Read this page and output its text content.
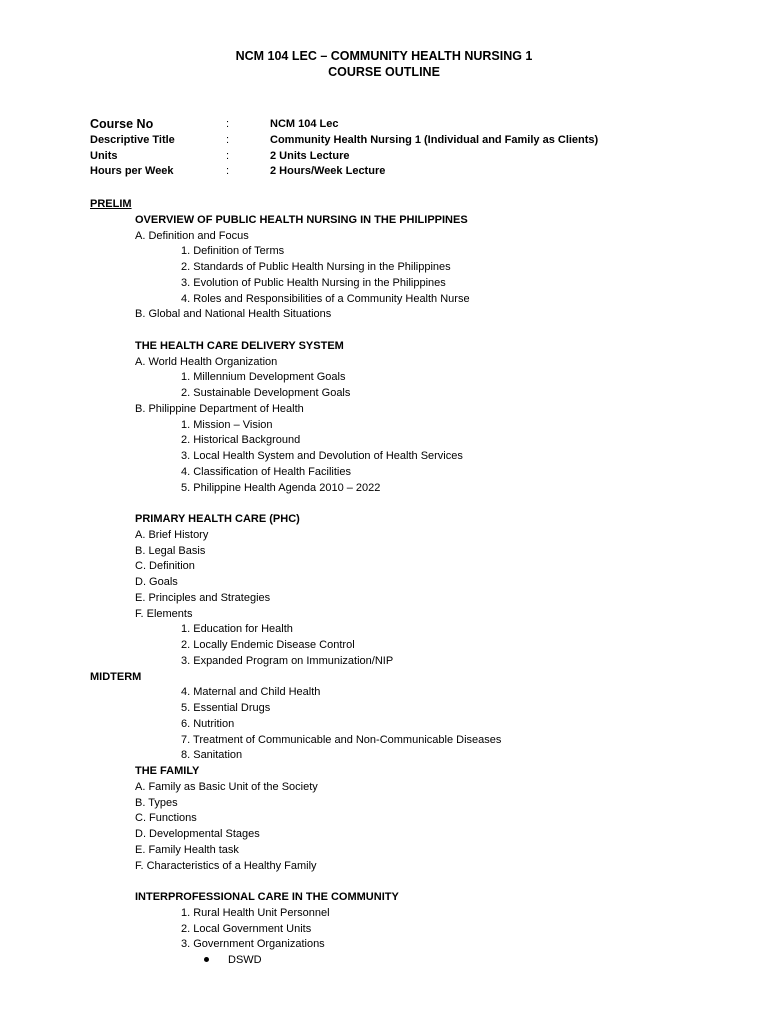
NCM 104 LEC – COMMUNITY HEALTH NURSING 1
COURSE OUTLINE
Course No	:	NCM 104 Lec
Descriptive Title	:	Community Health Nursing 1 (Individual and Family as Clients)
Units	:	2 Units Lecture
Hours per Week	:	2 Hours/Week Lecture
PRELIM
OVERVIEW OF PUBLIC HEALTH NURSING IN THE PHILIPPINES
A. Definition and Focus
1. Definition of Terms
2. Standards of Public Health Nursing in the Philippines
3. Evolution of Public Health Nursing in the Philippines
4. Roles and Responsibilities of a Community Health Nurse
B. Global and National Health Situations
THE HEALTH CARE DELIVERY SYSTEM
A. World Health Organization
1. Millennium Development Goals
2. Sustainable Development Goals
B. Philippine Department of Health
1. Mission – Vision
2. Historical Background
3. Local Health System and Devolution of Health Services
4. Classification of Health Facilities
5. Philippine Health Agenda 2010 – 2022
PRIMARY HEALTH CARE (PHC)
A. Brief History
B. Legal Basis
C. Definition
D. Goals
E. Principles and Strategies
F. Elements
1. Education for Health
2. Locally Endemic Disease Control
3. Expanded Program on Immunization/NIP
MIDTERM
4. Maternal and Child Health
5. Essential Drugs
6. Nutrition
7. Treatment of Communicable and Non-Communicable Diseases
8. Sanitation
THE FAMILY
A. Family as Basic Unit of the Society
B. Types
C. Functions
D. Developmental Stages
E. Family Health task
F. Characteristics of a Healthy Family
INTERPROFESSIONAL CARE IN THE COMMUNITY
1. Rural Health Unit Personnel
2. Local Government Units
3. Government Organizations
DSWD
